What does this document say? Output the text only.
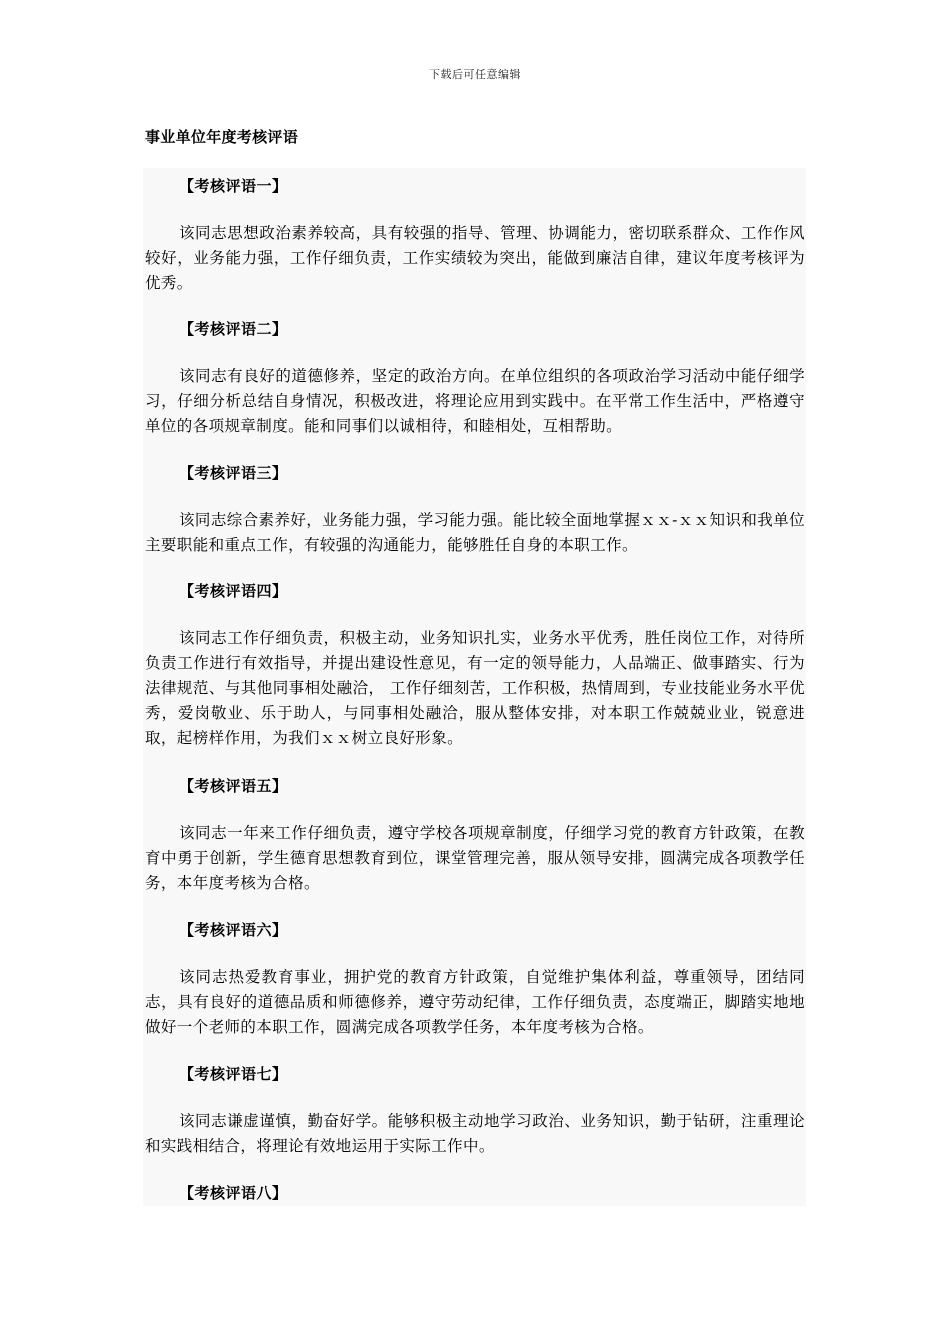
下载后可任意编辑
事业单位年度考核评语

【考核评语一】

该同志思想政治素养较高，具有较强的指导、管理、协调能力，密切联系群众、工作作风较好，业务能力强，工作仔细负责，工作实绩较为突出，能做到廉洁自律，建议年度考核评为优秀。

【考核评语二】

该同志有良好的道德修养，坚定的政治方向。在单位组织的各项政治学习活动中能仔细学习，仔细分析总结自身情况，积极改进，将理论应用到实践中。在平常工作生活中，严格遵守单位的各项规章制度。能和同事们以诚相待，和睦相处，互相帮助。

【考核评语三】

该同志综合素养好，业务能力强，学习能力强。能比较全面地掌握ｘｘ-ｘｘ知识和我单位主要职能和重点工作，有较强的沟通能力，能够胜任自身的本职工作。

【考核评语四】

该同志工作仔细负责，积极主动，业务知识扎实，业务水平优秀，胜任岗位工作，对待所负责工作进行有效指导，并提出建设性意见，有一定的领导能力，人品端正、做事踏实、行为法律规范、与其他同事相处融洽， 工作仔细刻苦，工作积极，热情周到，专业技能业务水平优秀，爱岗敬业、乐于助人，与同事相处融洽，服从整体安排，对本职工作兢兢业业，锐意进取，起榜样作用，为我们ｘｘ树立良好形象。

【考核评语五】

该同志一年来工作仔细负责，遵守学校各项规章制度，仔细学习党的教育方针政策，在教育中勇于创新，学生德育思想教育到位，课堂管理完善，服从领导安排，圆满完成各项教学任务，本年度考核为合格。

【考核评语六】

该同志热爱教育事业，拥护党的教育方针政策，自觉维护集体利益，尊重领导，团结同志，具有良好的道德品质和师德修养，遵守劳动纪律，工作仔细负责，态度端正，脚踏实地地做好一个老师的本职工作，圆满完成各项教学任务，本年度考核为合格。

【考核评语七】

该同志谦虚谨慎，勤奋好学。能够积极主动地学习政治、业务知识，勤于钻研，注重理论和实践相结合，将理论有效地运用于实际工作中。

【考核评语八】
